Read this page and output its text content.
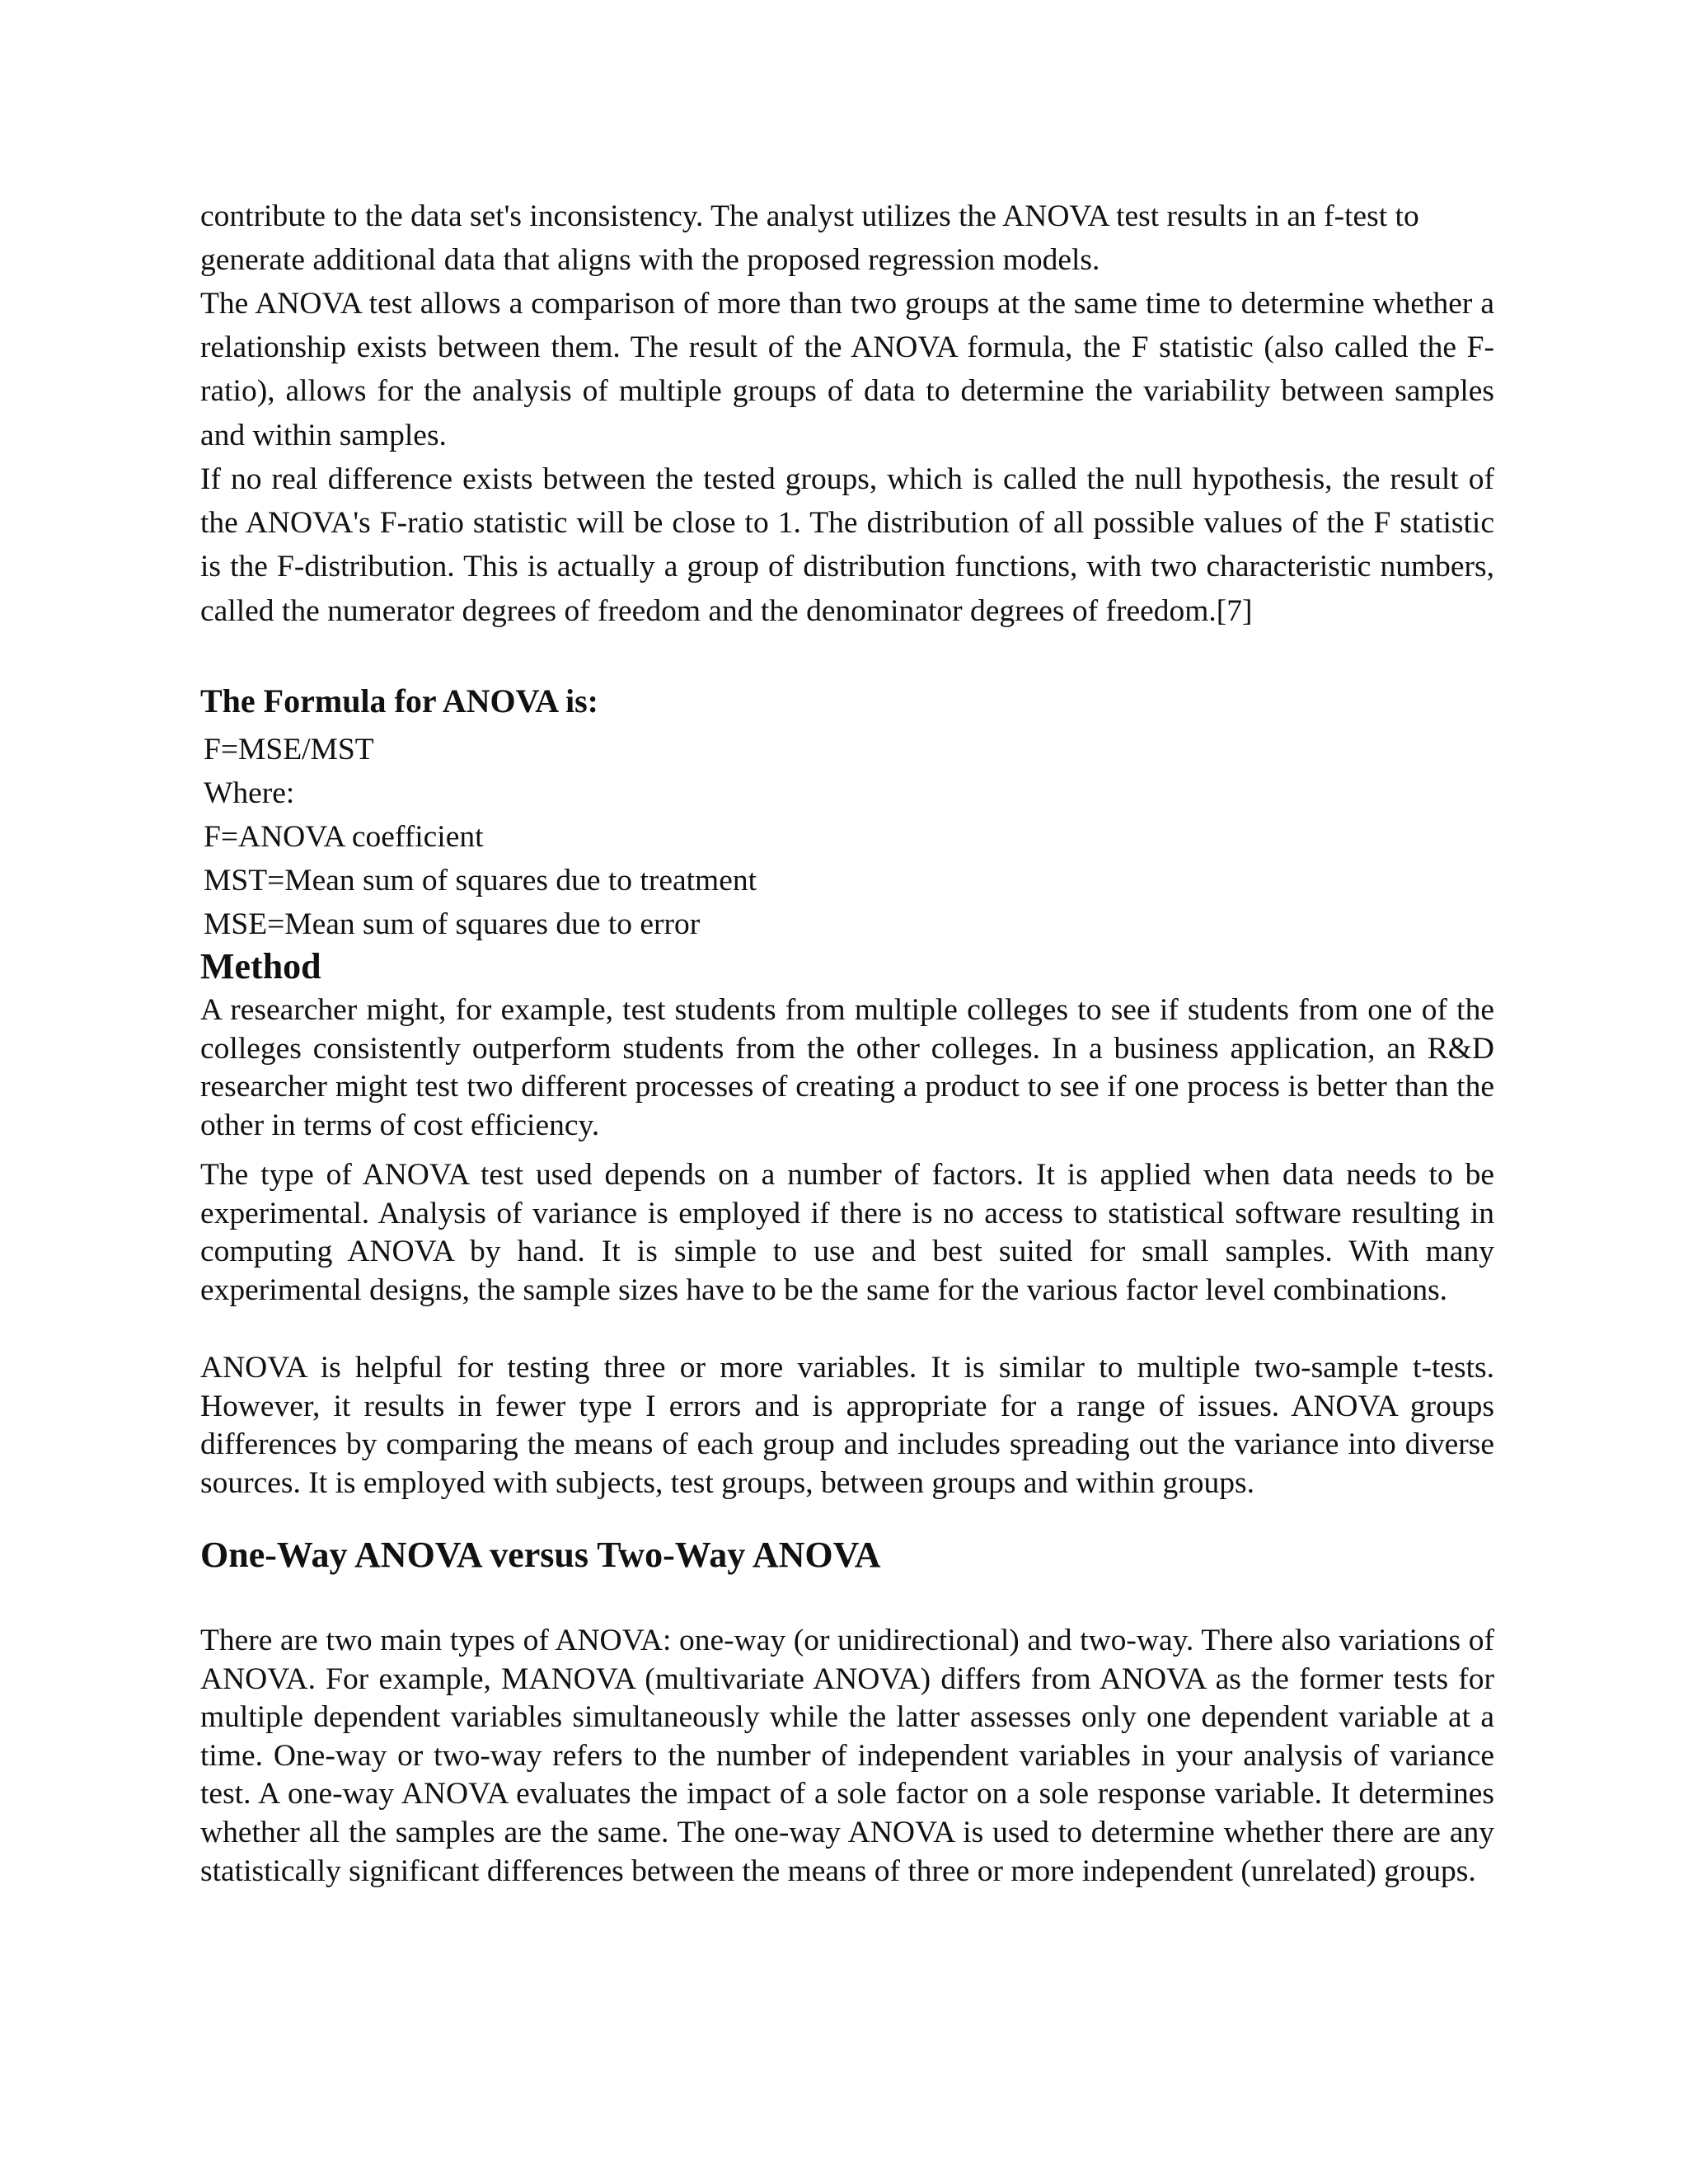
contribute to the data set's inconsistency. The analyst utilizes the ANOVA test results in an f-test to generate additional data that aligns with the proposed regression models.

The ANOVA test allows a comparison of more than two groups at the same time to determine whether a relationship exists between them. The result of the ANOVA formula, the F statistic (also called the F-ratio), allows for the analysis of multiple groups of data to determine the variability between samples and within samples.

If no real difference exists between the tested groups, which is called the null hypothesis, the result of the ANOVA's F-ratio statistic will be close to 1. The distribution of all possible values of the F statistic is the F-distribution. This is actually a group of distribution functions, with two characteristic numbers, called the numerator degrees of freedom and the denominator degrees of freedom.[7]

The Formula for ANOVA is:
F=MSE/MST
Where:
F=ANOVA coefficient
MST=Mean sum of squares due to treatment
MSE=Mean sum of squares due to error
Method

A researcher might, for example, test students from multiple colleges to see if students from one of the colleges consistently outperform students from the other colleges. In a business application, an R&D researcher might test two different processes of creating a product to see if one process is better than the other in terms of cost efficiency.

The type of ANOVA test used depends on a number of factors. It is applied when data needs to be experimental. Analysis of variance is employed if there is no access to statistical software resulting in computing ANOVA by hand. It is simple to use and best suited for small samples. With many experimental designs, the sample sizes have to be the same for the various factor level combinations.

ANOVA is helpful for testing three or more variables. It is similar to multiple two-sample t-tests. However, it results in fewer type I errors and is appropriate for a range of issues. ANOVA groups differences by comparing the means of each group and includes spreading out the variance into diverse sources. It is employed with subjects, test groups, between groups and within groups.

One-Way ANOVA versus Two-Way ANOVA

There are two main types of ANOVA: one-way (or unidirectional) and two-way. There also variations of ANOVA. For example, MANOVA (multivariate ANOVA) differs from ANOVA as the former tests for multiple dependent variables simultaneously while the latter assesses only one dependent variable at a time. One-way or two-way refers to the number of independent variables in your analysis of variance test. A one-way ANOVA evaluates the impact of a sole factor on a sole response variable. It determines whether all the samples are the same. The one-way ANOVA is used to determine whether there are any statistically significant differences between the means of three or more independent (unrelated) groups.
